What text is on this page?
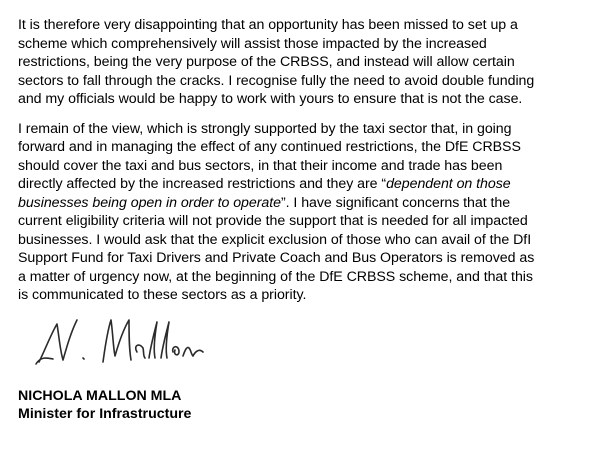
It is therefore very disappointing that an opportunity has been missed to set up a
scheme which comprehensively will assist those impacted by the increased
restrictions, being the very purpose of the CRBSS, and instead will allow certain
sectors to fall through the cracks. I recognise fully the need to avoid double funding
and my officials would be happy to work with yours to ensure that is not the case.

I remain of the view, which is strongly supported by the taxi sector that, in going
forward and in managing the effect of any continued restrictions, the DfE CRBSS
should cover the taxi and bus sectors, in that their income and trade has been
directly affected by the increased restrictions and they are “dependent on those
businesses being open in order to operate”. I have significant concerns that the
current eligibility criteria will not provide the support that is needed for all impacted
businesses. I would ask that the explicit exclusion of those who can avail of the DfI
Support Fund for Taxi Drivers and Private Coach and Bus Operators is removed as
a matter of urgency now, at the beginning of the DfE CRBSS scheme, and that this
is communicated to these sectors as a priority.

NICHOLA MALLON MLA
Minister for Infrastructure
